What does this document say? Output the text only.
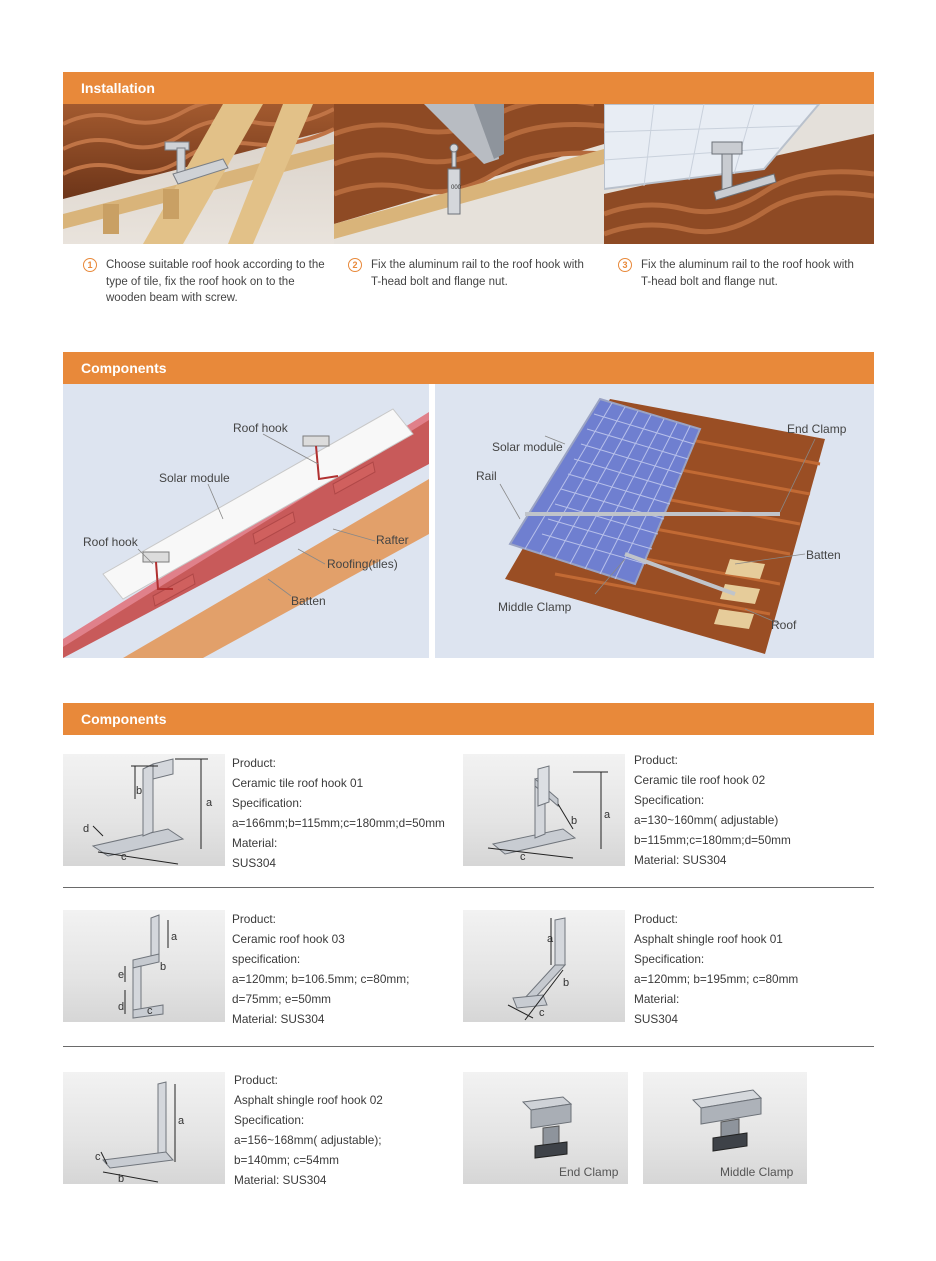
Installation
000
1	Choose suitable roof hook according to the type of tile, fix the roof hook on to the wooden beam with screw.
2	Fix the aluminum rail to the roof hook with T-head bolt and flange nut.
3	Fix the aluminum rail to the roof hook with T-head bolt and flange nut.
Components
Roof hook
Solar module
Roof hook	Rafter
Roofing(tiles)
Batten
Solar module
End Clamp
Rail
Batten
Middle Clamp
Roof
Components
b
a
c
d
Product:
Ceramic tile roof hook 01
Specification:
a=166mm;b=115mm;c=180mm;d=50mm
Material:
SUS304
a
b
c
Product:
Ceramic tile roof hook 02
Specification:
a=130~160mm( adjustable)
b=115mm;c=180mm;d=50mm
Material: SUS304
a
b
c
d
e
Product:
Ceramic roof hook 03
specification:
a=120mm; b=106.5mm; c=80mm;
d=75mm; e=50mm
Material: SUS304
a
b
c
Product:
Asphalt shingle roof hook 01
Specification:
a=120mm; b=195mm; c=80mm
Material:
SUS304
a
b
c
Product:
Asphalt shingle roof hook 02
Specification:
a=156~168mm( adjustable);
b=140mm; c=54mm
Material: SUS304
End Clamp	Middle Clamp
